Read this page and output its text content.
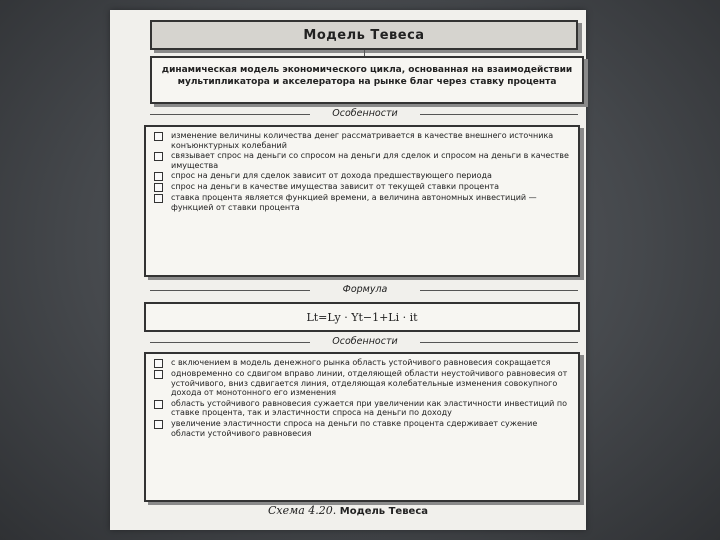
Модель Тевеса
динамическая модель экономического цикла, основанная на взаимодействии мультипликатора и акселератора на рынке благ через ставку процента
Особенности
изменение величины количества денег рассматривается в качестве внешнего источника конъюнктурных колебаний
связывает спрос на деньги со спросом на деньги для сделок и спросом на деньги в качестве имущества
спрос на деньги для сделок зависит от дохода предшествующего периода
спрос на деньги в качестве имущества зависит от текущей ставки процента
ставка процента является функцией времени, а величина автономных инвестиций — функцией от ставки процента
Формула
Lt=Ly · Yt−1+Li · it
Особенности
с включением в модель денежного рынка область устойчивого равновесия сокращается
одновременно со сдвигом вправо линии, отделяющей области неустойчивого равновесия от устойчивого, вниз сдвигается линия, отделяющая колебательные изменения совокупного дохода от монотонного его изменения
область устойчивого равновесия сужается при увеличении как эластичности инвестиций по ставке процента, так и эластичности спроса на деньги по доходу
увеличение эластичности спроса на деньги по ставке процента сдерживает сужение области устойчивого равновесия
Схема 4.20. Модель Тевеса
